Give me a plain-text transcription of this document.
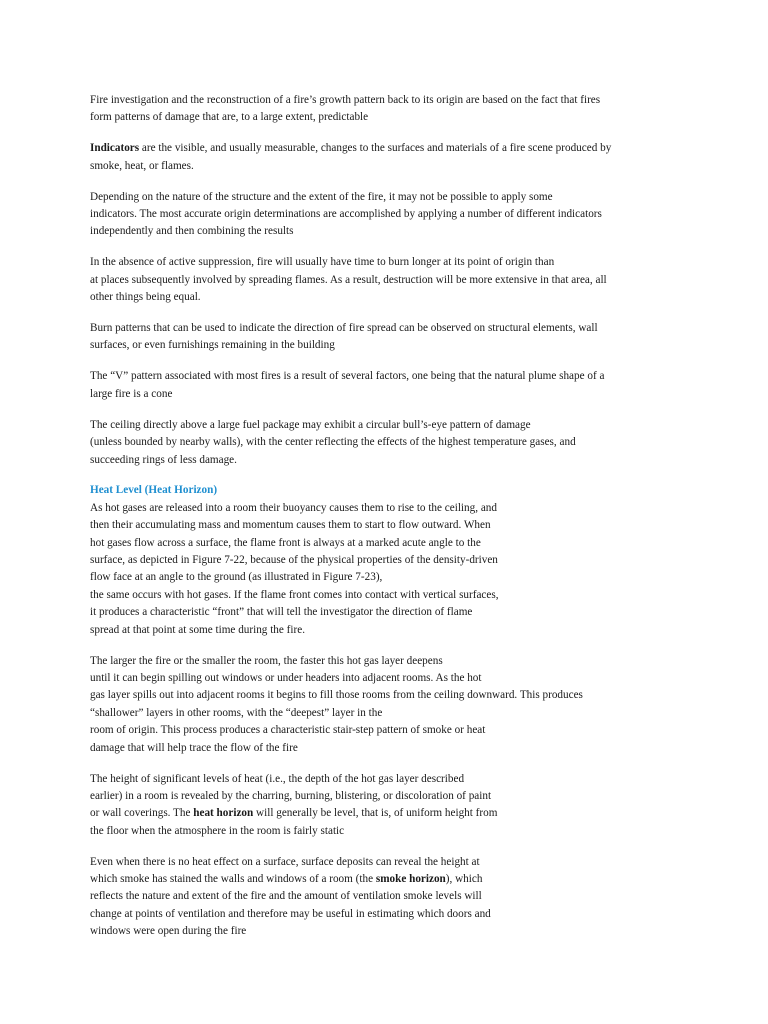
Fire investigation and the reconstruction of a fire’s growth pattern back to its origin are based on the fact that fires
form patterns of damage that are, to a large extent, predictable

Indicators are the visible, and usually measurable, changes to the surfaces and materials of a fire scene produced by
smoke, heat, or flames.

Depending on the nature of the structure and the extent of the fire, it may not be possible to apply some
indicators. The most accurate origin determinations are accomplished by applying a number of different indicators
independently and then combining the results

In the absence of active suppression, fire will usually have time to burn longer at its point of origin than
at places subsequently involved by spreading flames. As a result, destruction will be more extensive in that area, all
other things being equal.

Burn patterns that can be used to indicate the direction of fire spread can be observed on structural elements, wall
surfaces, or even furnishings remaining in the building

The “V” pattern associated with most fires is a result of several factors, one being that the natural plume shape of a
large fire is a cone

The ceiling directly above a large fuel package may exhibit a circular bull’s-eye pattern of damage
(unless bounded by nearby walls), with the center reflecting the effects of the highest temperature gases, and
succeeding rings of less damage.

Heat Level (Heat Horizon)

As hot gases are released into a room their buoyancy causes them to rise to the ceiling, and
then their accumulating mass and momentum causes them to start to flow outward. When
hot gases flow across a surface, the flame front is always at a marked acute angle to the
surface, as depicted in Figure 7-22, because of the physical properties of the density-driven
flow face at an angle to the ground (as illustrated in Figure 7-23),
the same occurs with hot gases. If the flame front comes into contact with vertical surfaces,
it produces a characteristic “front” that will tell the investigator the direction of flame
spread at that point at some time during the fire.

The larger the fire or the smaller the room, the faster this hot gas layer deepens
until it can begin spilling out windows or under headers into adjacent rooms. As the hot
gas layer spills out into adjacent rooms it begins to fill those rooms from the ceiling downward. This produces
“shallower” layers in other rooms, with the “deepest” layer in the
room of origin. This process produces a characteristic stair-step pattern of smoke or heat
damage that will help trace the flow of the fire

The height of significant levels of heat (i.e., the depth of the hot gas layer described
earlier) in a room is revealed by the charring, burning, blistering, or discoloration of paint
or wall coverings. The heat horizon will generally be level, that is, of uniform height from
the floor when the atmosphere in the room is fairly static

Even when there is no heat effect on a surface, surface deposits can reveal the height at
which smoke has stained the walls and windows of a room (the smoke horizon), which
reflects the nature and extent of the fire and the amount of ventilation smoke levels will
change at points of ventilation and therefore may be useful in estimating which doors and
windows were open during the fire
